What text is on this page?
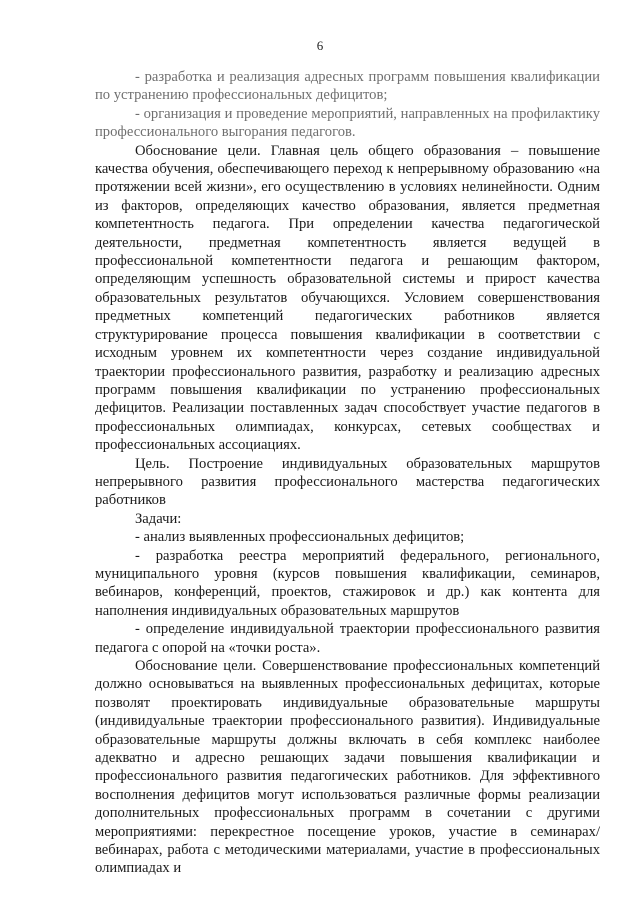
6

- разработка и реализация адресных программ повышения квалификации по устранению профессиональных дефицитов;

- организация и проведение мероприятий, направленных на профилактику профессионального выгорания педагогов.

Обоснование цели. Главная цель общего образования – повышение качества обучения, обеспечивающего переход к непрерывному образованию «на протяжении всей жизни», его осуществлению в условиях нелинейности. Одним из факторов, определяющих качество образования, является предметная компетентность педагога. При определении качества педагогической деятельности, предметная компетентность является ведущей в профессиональной компетентности педагога и решающим фактором, определяющим успешность образовательной системы и прирост качества образовательных результатов обучающихся. Условием совершенствования предметных компетенций педагогических работников является структурирование процесса повышения квалификации в соответствии с исходным уровнем их компетентности через создание индивидуальной траектории профессионального развития, разработку и реализацию адресных программ повышения квалификации по устранению профессиональных дефицитов. Реализации поставленных задач способствует участие педагогов в профессиональных олимпиадах, конкурсах, сетевых сообществах и профессиональных ассоциациях.

Цель. Построение индивидуальных образовательных маршрутов непрерывного развития профессионального мастерства педагогических работников

Задачи:

- анализ выявленных профессиональных дефицитов;

- разработка реестра мероприятий федерального, регионального, муниципального уровня (курсов повышения квалификации, семинаров, вебинаров, конференций, проектов, стажировок и др.) как контента для наполнения индивидуальных образовательных маршрутов

- определение индивидуальной траектории профессионального развития педагога с опорой на «точки роста».

Обоснование цели. Совершенствование профессиональных компетенций должно основываться на выявленных профессиональных дефицитах, которые позволят проектировать индивидуальные образовательные маршруты (индивидуальные траектории профессионального развития). Индивидуальные образовательные маршруты должны включать в себя комплекс наиболее адекватно и адресно решающих задачи повышения квалификации и профессионального развития педагогических работников. Для эффективного восполнения дефицитов могут использоваться различные формы реализации дополнительных профессиональных программ в сочетании с другими мероприятиями: перекрестное посещение уроков, участие в семинарах/вебинарах, работа с методическими материалами, участие в профессиональных олимпиадах и
